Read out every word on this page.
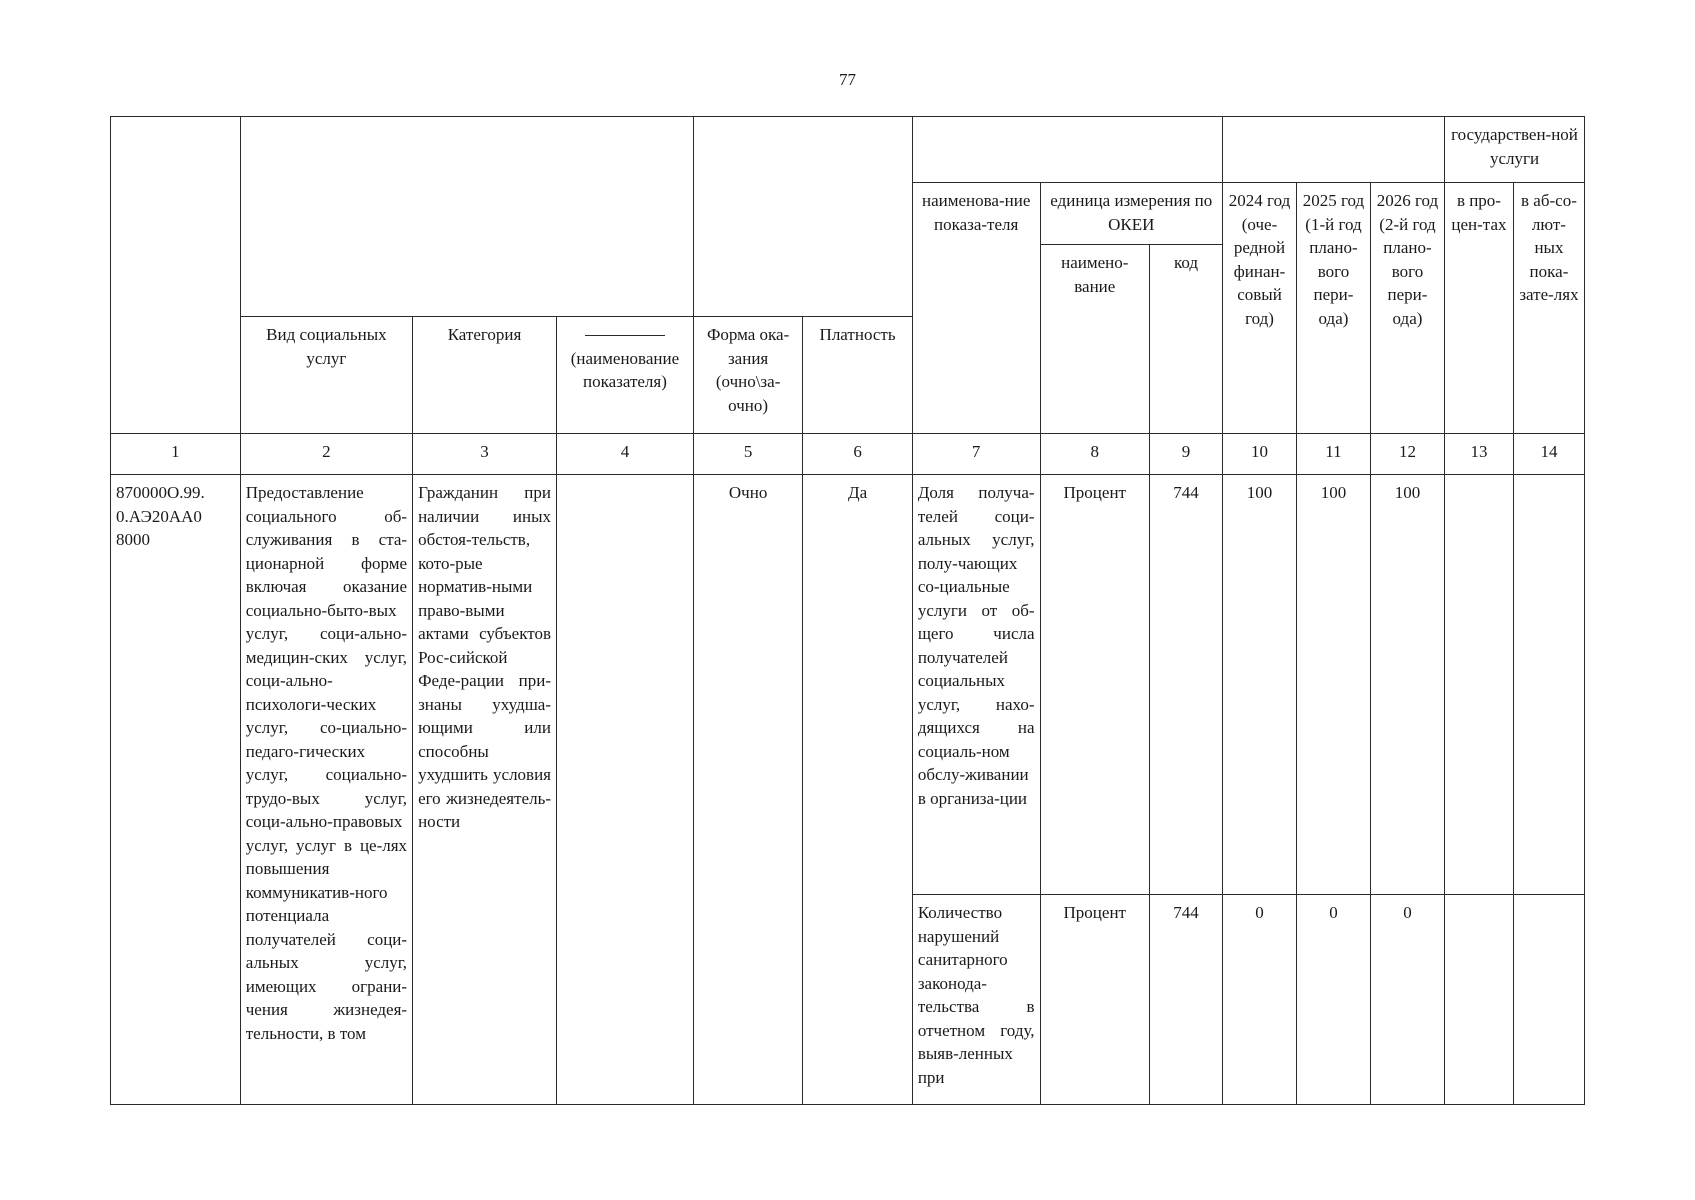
77
												государствен-ной услуги	
						наименова-ние показа-теля	единица измерения по ОКЕИ		2024 год (оче-редной финан-совый год)	2025 год (1-й год плано-вого пери-ода)	2026 год (2-й год плано-вого пери-ода)	в про-цен-тах	в аб-со-лют-ных пока-зате-лях
							наимено-вание	код					
	Вид социальных услуг	Категория	(наименование показателя)	Форма ока-зания (очно\за-очно)	Платность								
1	2	3	4	5	6	7	8	9	10	11	12	13	14
870000О.99. 0.АЭ20АА0 8000	Предоставление социального об-служивания в ста-ционарной форме включая оказание социально-быто-вых услуг, соци-ально-медицин-ских услуг, соци-ально-психологи-ческих услуг, со-циально-педаго-гических услуг, социально-трудо-вых услуг, соци-ально-правовых услуг, услуг в це-лях повышения коммуникатив-ного потенциала получателей соци-альных услуг, имеющих ограни-чения жизнедея-тельности, в том	Гражданин при наличии иных обстоя-тельств, кото-рые норматив-ными право-выми актами субъектов Рос-сийской Феде-рации при-знаны ухудша-ющими или способны ухудшить условия его жизнедеятель-ности		Очно	Да	Доля получа-телей соци-альных услуг, полу-чающих со-циальные услуги от об-щего числа получателей социальных услуг, нахо-дящихся на социаль-ном обслу-живании в организа-ции	Процент	744	100	100	100		
						Количество нарушений санитарного законода-тельства в отчетном году, выяв-ленных при	Процент	744	0	0	0		
